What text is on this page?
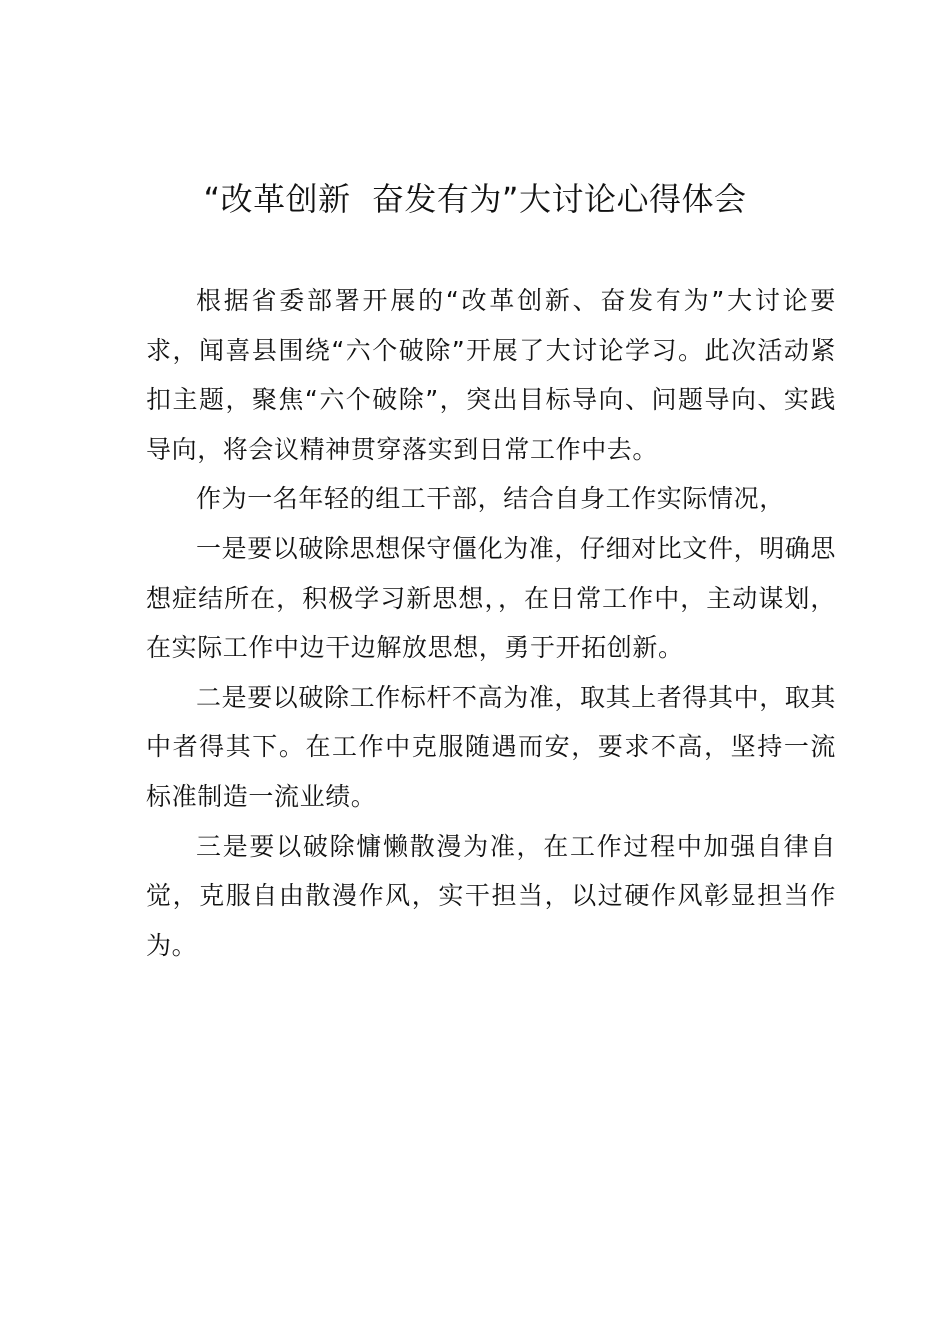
“改革创新  奋发有为”大讨论心得体会

根据省委部署开展的“改革创新、奋发有为”大讨论要求，闻喜县围绕“六个破除”开展了大讨论学习。此次活动紧扣主题，聚焦“六个破除”，突出目标导向、问题导向、实践导向，将会议精神贯穿落实到日常工作中去。

作为一名年轻的组工干部，结合自身工作实际情况，

一是要以破除思想保守僵化为准，仔细对比文件，明确思想症结所在，积极学习新思想，，在日常工作中，主动谋划，在实际工作中边干边解放思想，勇于开拓创新。

二是要以破除工作标杆不高为准，取其上者得其中，取其中者得其下。在工作中克服随遇而安，要求不高，坚持一流标准制造一流业绩。

三是要以破除慵懒散漫为准，在工作过程中加强自律自觉，克服自由散漫作风，实干担当，以过硬作风彰显担当作为。
